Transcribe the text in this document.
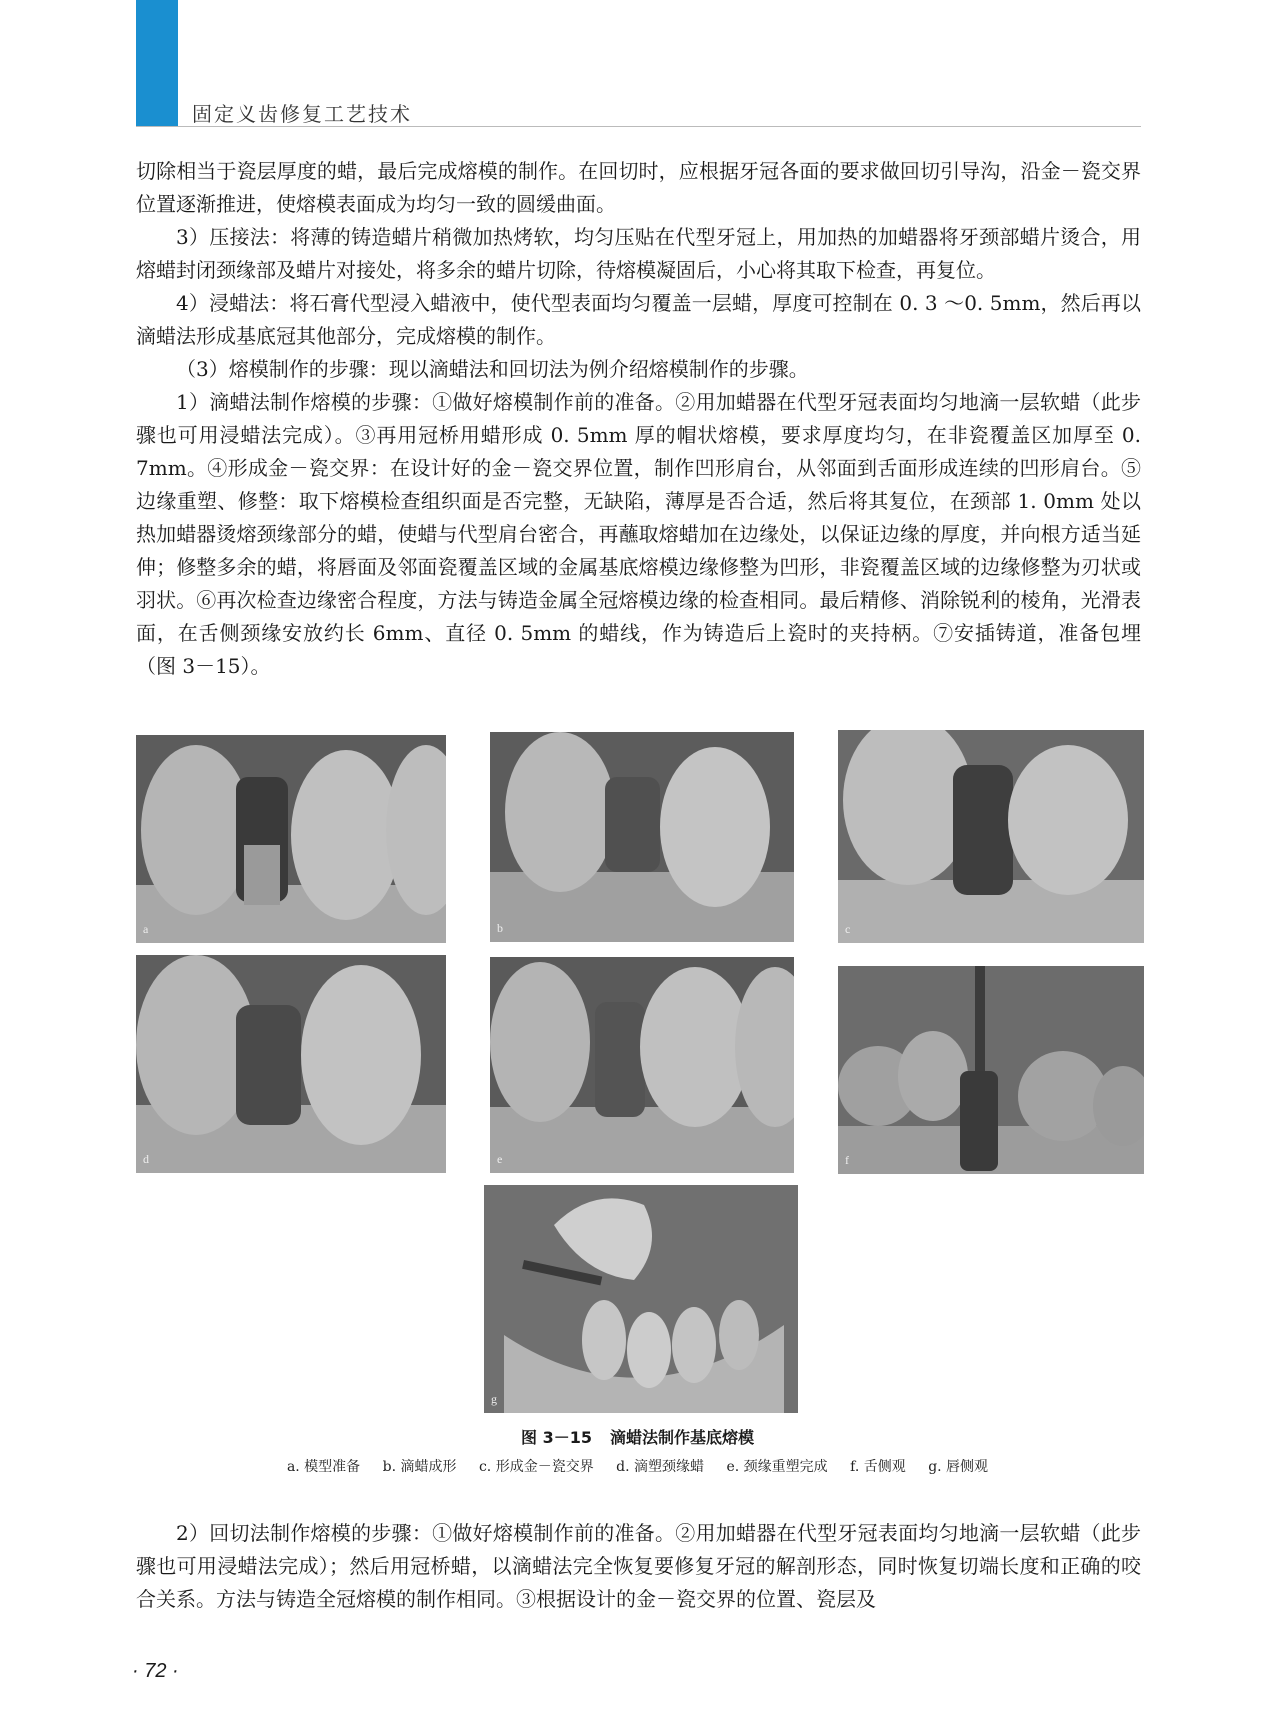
固定义齿修复工艺技术

切除相当于瓷层厚度的蜡，最后完成熔模的制作。在回切时，应根据牙冠各面的要求做回切引导沟，沿金－瓷交界位置逐渐推进，使熔模表面成为均匀一致的圆缓曲面。

3）压接法：将薄的铸造蜡片稍微加热烤软，均匀压贴在代型牙冠上，用加热的加蜡器将牙颈部蜡片烫合，用熔蜡封闭颈缘部及蜡片对接处，将多余的蜡片切除，待熔模凝固后，小心将其取下检查，再复位。

4）浸蜡法：将石膏代型浸入蜡液中，使代型表面均匀覆盖一层蜡，厚度可控制在 0. 3 ～0. 5mm，然后再以滴蜡法形成基底冠其他部分，完成熔模的制作。

（3）熔模制作的步骤：现以滴蜡法和回切法为例介绍熔模制作的步骤。

1）滴蜡法制作熔模的步骤：①做好熔模制作前的准备。②用加蜡器在代型牙冠表面均匀地滴一层软蜡（此步骤也可用浸蜡法完成）。③再用冠桥用蜡形成 0. 5mm 厚的帽状熔模，要求厚度均匀，在非瓷覆盖区加厚至 0. 7mm。④形成金－瓷交界：在设计好的金－瓷交界位置，制作凹形肩台，从邻面到舌面形成连续的凹形肩台。⑤边缘重塑、修整：取下熔模检查组织面是否完整，无缺陷，薄厚是否合适，然后将其复位，在颈部 1. 0mm 处以热加蜡器烫熔颈缘部分的蜡，使蜡与代型肩台密合，再蘸取熔蜡加在边缘处，以保证边缘的厚度，并向根方适当延伸；修整多余的蜡，将唇面及邻面瓷覆盖区域的金属基底熔模边缘修整为凹形，非瓷覆盖区域的边缘修整为刃状或羽状。⑥再次检查边缘密合程度，方法与铸造金属全冠熔模边缘的检查相同。最后精修、消除锐利的棱角，光滑表面，在舌侧颈缘安放约长 6mm、直径 0. 5mm 的蜡线，作为铸造后上瓷时的夹持柄。⑦安插铸道，准备包埋（图 3－15）。

a	b	c
d	e	f
g
图 3－15 滴蜡法制作基底熔模
a. 模型准备 b. 滴蜡成形 c. 形成金－瓷交界 d. 滴塑颈缘蜡 e. 颈缘重塑完成 f. 舌侧观 g. 唇侧观

2）回切法制作熔模的步骤：①做好熔模制作前的准备。②用加蜡器在代型牙冠表面均匀地滴一层软蜡（此步骤也可用浸蜡法完成）；然后用冠桥蜡，以滴蜡法完全恢复要修复牙冠的解剖形态，同时恢复切端长度和正确的咬合关系。方法与铸造全冠熔模的制作相同。③根据设计的金－瓷交界的位置、瓷层及

· 72 ·
